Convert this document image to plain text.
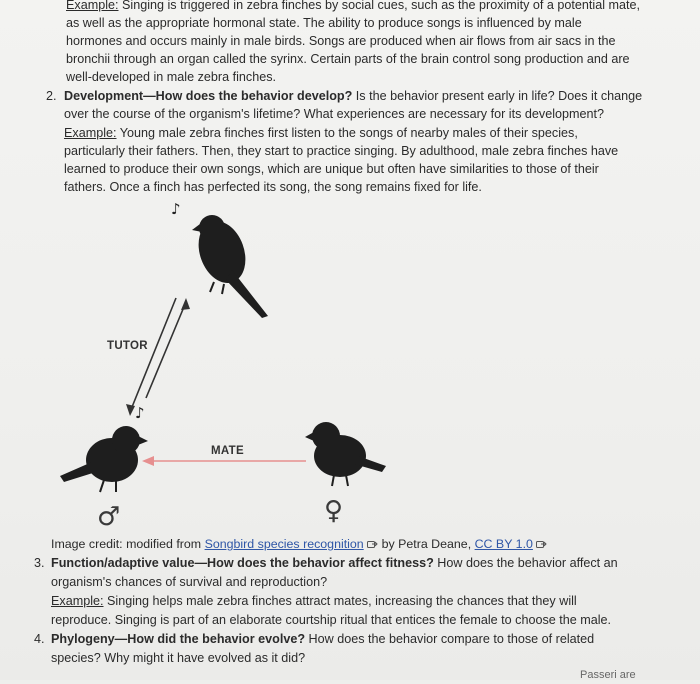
Example: Singing is triggered in zebra finches by social cues, such as the proximity of a potential mate,
as well as the appropriate hormonal state. The ability to produce songs is influenced by male
hormones and occurs mainly in male birds. Songs are produced when air flows from air sacs in the
bronchii through an organ called the syrinx. Certain parts of the brain control song production and are
well-developed in male zebra finches.
2. Development—How does the behavior develop? Is the behavior present early in life? Does it change
over the course of the organism's lifetime? What experiences are necessary for its development?
Example: Young male zebra finches first listen to the songs of nearby males of their species,
particularly their fathers. Then, they start to practice singing. By adulthood, male zebra finches have
learned to produce their own songs, which are unique but often have similarities to those of their
fathers. Once a finch has perfected its song, the song remains fixed for life.
♪
♪
TUTOR
MATE
♂	♀
Image credit: modified from Songbird species recognition  by Petra Deane, CC BY 1.0
3. Function/adaptive value—How does the behavior affect fitness? How does the behavior affect an
organism's chances of survival and reproduction?
Example: Singing helps male zebra finches attract mates, increasing the chances that they will
reproduce. Singing is part of an elaborate courtship ritual that entices the female to choose the male.
4. Phylogeny—How did the behavior evolve? How does the behavior compare to those of related
species? Why might it have evolved as it did?
Passeri are
